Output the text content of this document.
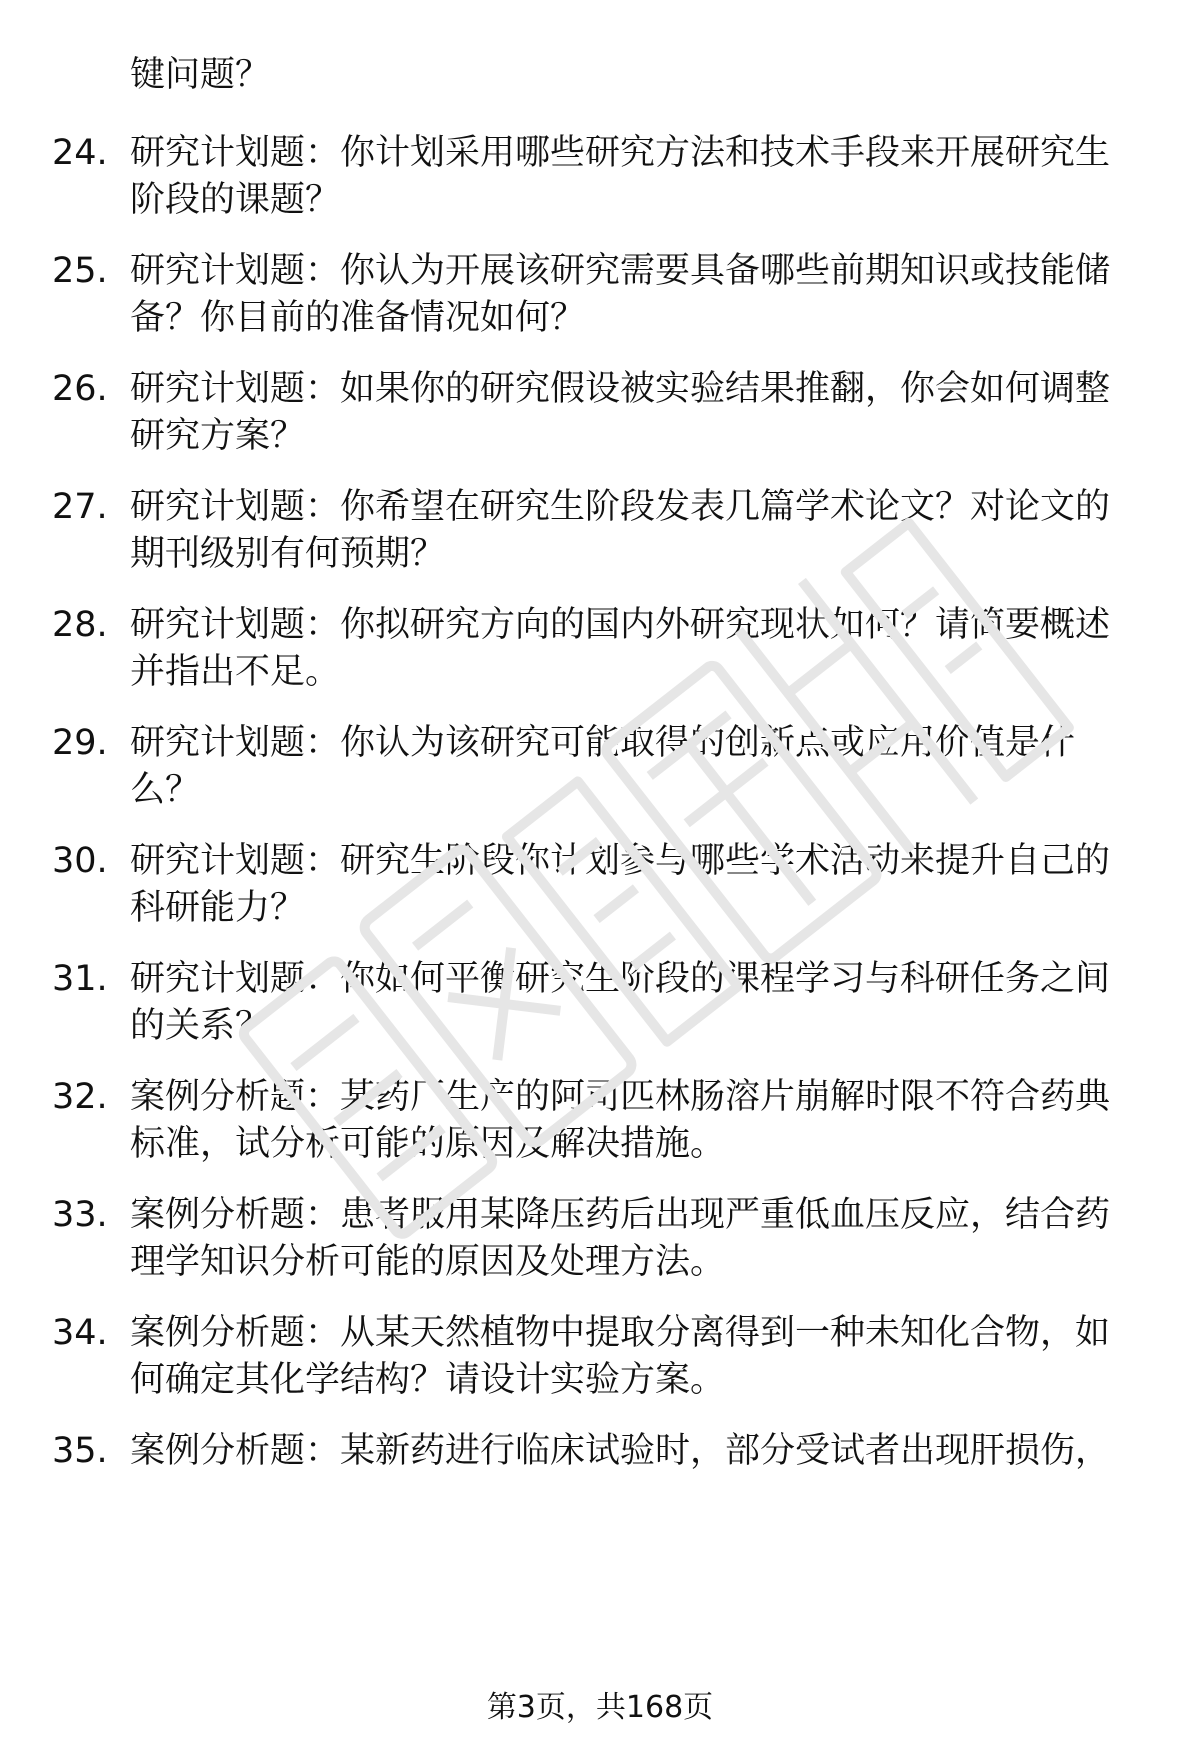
键问题？
24. 研究计划题：你计划采用哪些研究方法和技术手段来开展研究生
阶段的课题？
25. 研究计划题：你认为开展该研究需要具备哪些前期知识或技能储
备？你目前的准备情况如何？
26. 研究计划题：如果你的研究假设被实验结果推翻，你会如何调整
研究方案？
27. 研究计划题：你希望在研究生阶段发表几篇学术论文？对论文的
期刊级别有何预期？
28. 研究计划题：你拟研究方向的国内外研究现状如何？请简要概述
并指出不足。
29. 研究计划题：你认为该研究可能取得的创新点或应用价值是什
么？
30. 研究计划题：研究生阶段你计划参与哪些学术活动来提升自己的
科研能力？
31. 研究计划题：你如何平衡研究生阶段的课程学习与科研任务之间
的关系？
32. 案例分析题：某药厂生产的阿司匹林肠溶片崩解时限不符合药典
标准，试分析可能的原因及解决措施。
33. 案例分析题：患者服用某降压药后出现严重低血压反应，结合药
理学知识分析可能的原因及处理方法。
34. 案例分析题：从某天然植物中提取分离得到一种未知化合物，如
何确定其化学结构？请设计实验方案。
35. 案例分析题：某新药进行临床试验时，部分受试者出现肝损伤，
第3页，共168页
